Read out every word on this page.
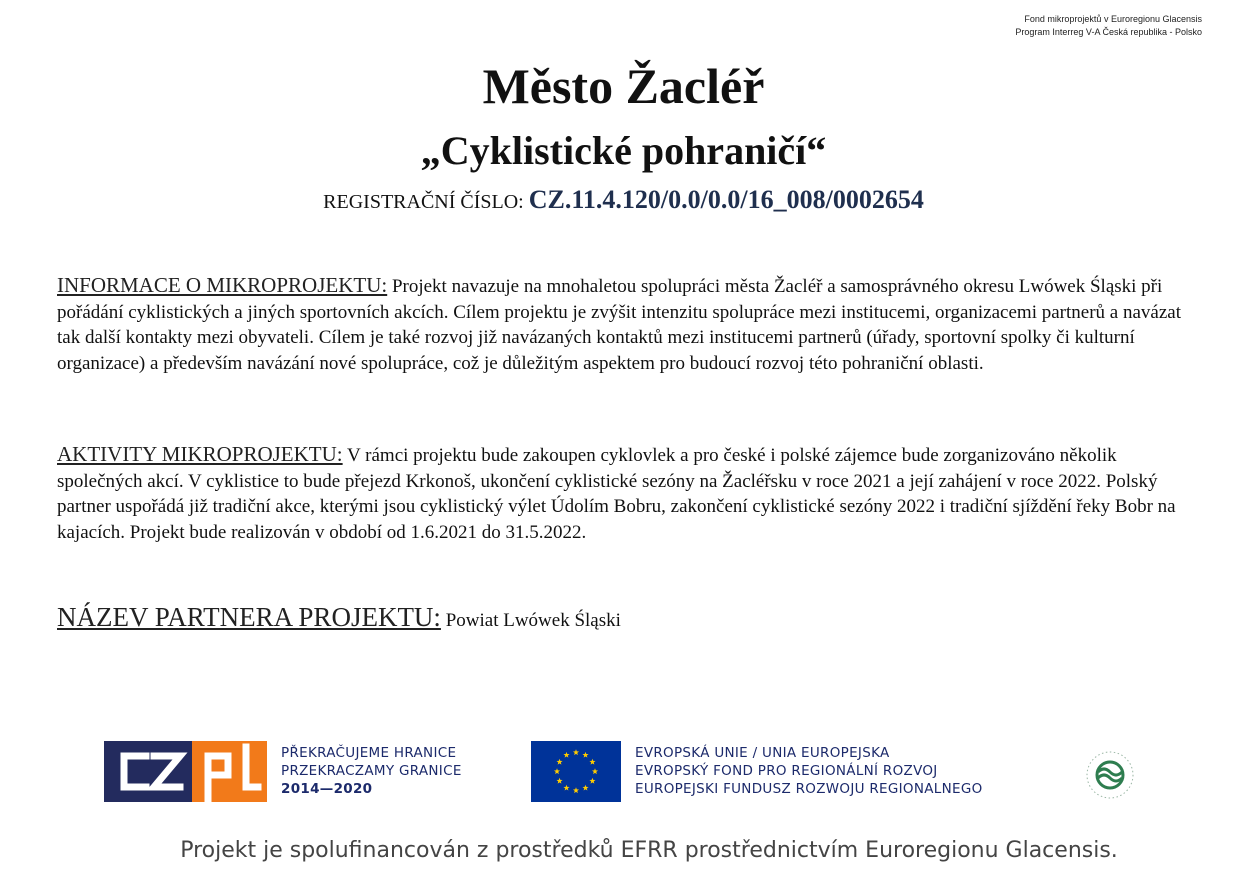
Fond mikroprojektů v Euroregionu Glacensis
Program Interreg V-A Česká republika - Polsko
Město Žacléř
„Cyklistické pohraničí“
REGISTRAČNÍ ČÍSLO: CZ.11.4.120/0.0/0.0/16_008/0002654

INFORMACE O MIKROPROJEKTU: Projekt navazuje na mnohaletou spolupráci města Žacléř a samosprávného okresu Lwówek Śląski při pořádání cyklistických a jiných sportovních akcích. Cílem projektu je zvýšit intenzitu spolupráce mezi institucemi, organizacemi partnerů a navázat tak další kontakty mezi obyvateli. Cílem je také rozvoj již navázaných kontaktů mezi institucemi partnerů (úřady, sportovní spolky či kulturní organizace) a především navázání nové spolupráce, což je důležitým aspektem pro budoucí rozvoj této pohraniční oblasti.

AKTIVITY MIKROPROJEKTU: V rámci projektu bude zakoupen cyklovlek a pro české i polské zájemce bude zorganizováno několik společných akcí. V cyklistice to bude přejezd Krkonoš, ukončení cyklistické sezóny na Žacléřsku v roce 2021 a její zahájení v roce 2022. Polský partner uspořádá již tradiční akce, kterými jsou cyklistický výlet Údolím Bobru, zakončení cyklistické sezóny 2022 i tradiční sjíždění řeky Bobr na kajacích. Projekt bude realizován v období od 1.6.2021 do 31.5.2022.

NÁZEV PARTNERA PROJEKTU: Powiat Lwówek Śląski
PŘEKRAČUJEME HRANICE
PRZEKRACZAMY GRANICE
2014—2020
EVROPSKÁ UNIE / UNIA EUROPEJSKA
EVROPSKÝ FOND PRO REGIONÁLNÍ ROZVOJ
EUROPEJSKI FUNDUSZ ROZWOJU REGIONALNEGO
Projekt je spolufinancován z prostředků EFRR prostřednictvím Euroregionu Glacensis.
